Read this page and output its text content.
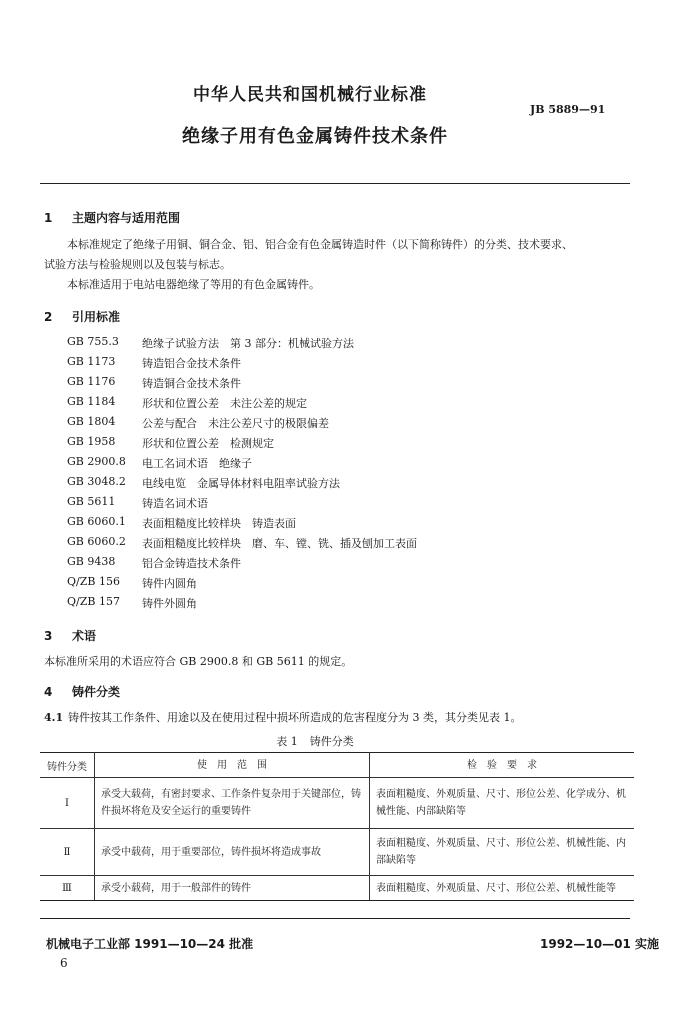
中华人民共和国机械行业标准
JB 5889—91
绝缘子用有色金属铸件技术条件
1 主题内容与适用范围
本标准规定了绝缘子用铜、铜合金、铝、铝合金有色金属铸造时件（以下简称铸件）的分类、技术要求、
试验方法与检验规则以及包装与标志。
本标准适用于电站电器绝缘了等用的有色金属铸件。
2 引用标准
GB 755.3 绝缘子试验方法　第 3 部分：机械试验方法
GB 1173 铸造铝合金技术条件
GB 1176 铸造铜合金技术条件
GB 1184 形状和位置公差　未注公差的规定
GB 1804 公差与配合　未注公差尺寸的极限偏差
GB 1958 形状和位置公差　检测规定
GB 2900.8 电工名词术语　绝缘子
GB 3048.2 电线电览　金属导体材料电阻率试验方法
GB 5611 铸造名词术语
GB 6060.1 表面粗糙度比较样块　铸造表面
GB 6060.2 表面粗糙度比较样块　磨、车、镗、铣、插及刨加工表面
GB 9438 铝合金铸造技术条件
Q/ZB 156 铸件内圆角
Q/ZB 157 铸件外圆角
3 术语
本标准所采用的术语应符合 GB 2900.8 和 GB 5611 的规定。
4 铸件分类
4.1 铸件按其工作条件、用途以及在使用过程中损坏所造成的危害程度分为 3 类，其分类见表 1。
表 1 铸件分类
铸件分类	使　用　范　围	检　验　要　求
Ⅰ	承受大载荷，有密封要求、工作条件复杂用于关键部位，铸件损坏将危及安全运行的重要铸件	表面粗糙度、外观质量、尺寸、形位公差、化学成分、机械性能、内部缺陷等
Ⅱ	承受中载荷，用于重要部位，铸件损坏将造成事故	表面粗糙度、外观质量、尺寸、形位公差、机械性能、内部缺陷等
Ⅲ	承受小载荷，用于一般部件的铸件	表面粗糙度、外观质量、尺寸、形位公差、机械性能等
机械电子工业部 1991—10—24 批准	1992—10—01 实施
6
